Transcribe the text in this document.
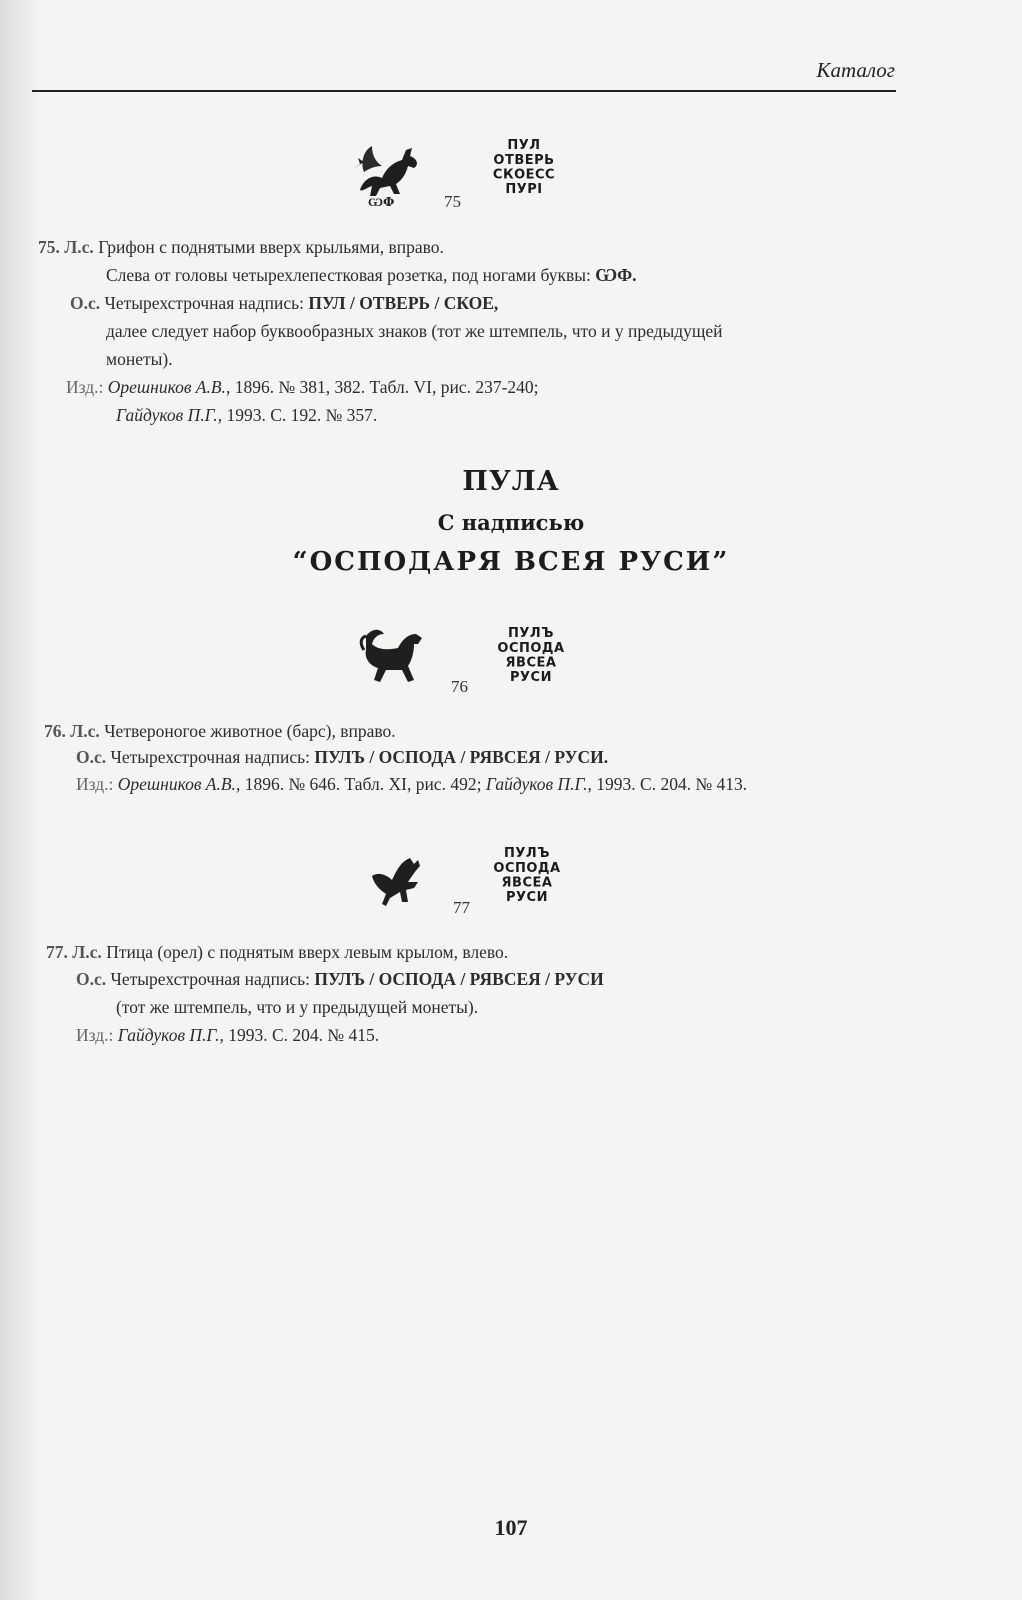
Каталог
ѠФ
ПУЛ
ОТВЕРЬ
СКОЕСС
ПУРІ
75
75. Л.с. Грифон с поднятыми вверх крыльями, вправо.
Слева от головы четырехлепестковая розетка, под ногами буквы: ѠФ.
О.с. Четырехстрочная надпись: ПУЛ / ОТВЕРЬ / СКОЕ,
далее следует набор буквообразных знаков (тот же штемпель, что и у предыдущей
монеты).
Изд.: Орешников А.В., 1896. № 381, 382. Табл. VI, рис. 237-240;
Гайдуков П.Г., 1993. С. 192. № 357.
ПУЛА
С надписью
“ОСПОДАРЯ ВСЕЯ РУСИ”
ПУЛЪ
ОСПОДА
ЯВСЕА
РУСИ
76
76. Л.с. Четвероногое животное (барс), вправо.
О.с. Четырехстрочная надпись: ПУЛЪ / ОСПОДА / РЯВСЕЯ / РУСИ.
Изд.: Орешников А.В., 1896. № 646. Табл. XI, рис. 492; Гайдуков П.Г., 1993. С. 204. № 413.
ПУЛЪ
ОСПОДА
ЯВСЕА
РУСИ
77
77. Л.с. Птица (орел) с поднятым вверх левым крылом, влево.
О.с. Четырехстрочная надпись: ПУЛЪ / ОСПОДА / РЯВСЕЯ / РУСИ
(тот же штемпель, что и у предыдущей монеты).
Изд.: Гайдуков П.Г., 1993. С. 204. № 415.
107
